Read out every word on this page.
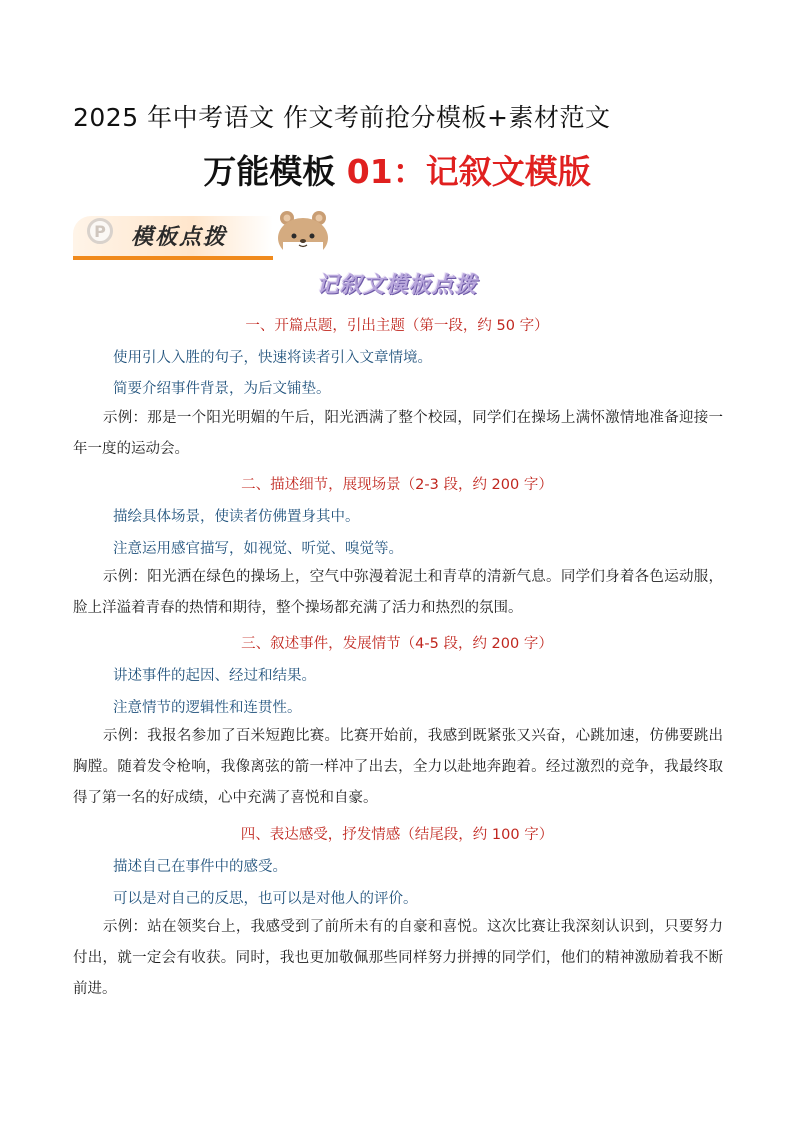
2025 年中考语文 作文考前抢分模板+素材范文
万能模板 01：记叙文模版
P	模板点拨
记叙文模板点拨
一、开篇点题，引出主题（第一段，约 50 字）
使用引人入胜的句子，快速将读者引入文章情境。
简要介绍事件背景，为后文铺垫。
示例：那是一个阳光明媚的午后，阳光洒满了整个校园，同学们在操场上满怀激情地准备迎接一年一度的运动会。
二、描述细节，展现场景（2-3 段，约 200 字）
描绘具体场景，使读者仿佛置身其中。
注意运用感官描写，如视觉、听觉、嗅觉等。
示例：阳光洒在绿色的操场上，空气中弥漫着泥土和青草的清新气息。同学们身着各色运动服，脸上洋溢着青春的热情和期待，整个操场都充满了活力和热烈的氛围。
三、叙述事件，发展情节（4-5 段，约 200 字）
讲述事件的起因、经过和结果。
注意情节的逻辑性和连贯性。
示例：我报名参加了百米短跑比赛。比赛开始前，我感到既紧张又兴奋，心跳加速，仿佛要跳出胸膛。随着发令枪响，我像离弦的箭一样冲了出去，全力以赴地奔跑着。经过激烈的竞争，我最终取得了第一名的好成绩，心中充满了喜悦和自豪。
四、表达感受，抒发情感（结尾段，约 100 字）
描述自己在事件中的感受。
可以是对自己的反思，也可以是对他人的评价。
示例：站在领奖台上，我感受到了前所未有的自豪和喜悦。这次比赛让我深刻认识到，只要努力付出，就一定会有收获。同时，我也更加敬佩那些同样努力拼搏的同学们，他们的精神激励着我不断前进。
